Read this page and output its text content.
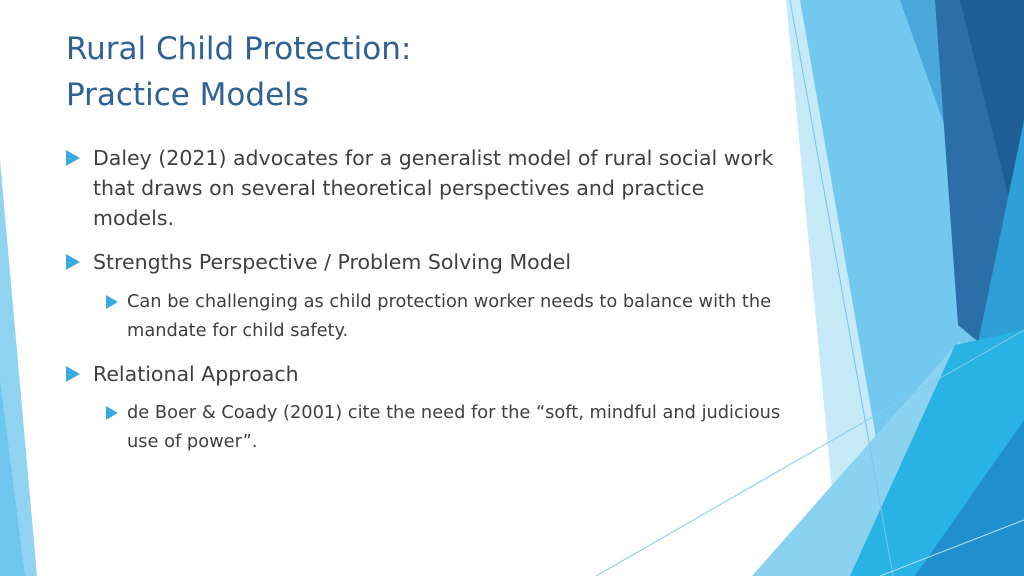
Rural Child Protection:
Practice Models
Daley (2021) advocates for a generalist model of rural social work that draws on several theoretical perspectives and practice models.
Strengths Perspective / Problem Solving Model
Can be challenging as child protection worker needs to balance with the mandate for child safety.
Relational Approach
de Boer & Coady (2001) cite the need for the “soft, mindful and judicious use of power”.
